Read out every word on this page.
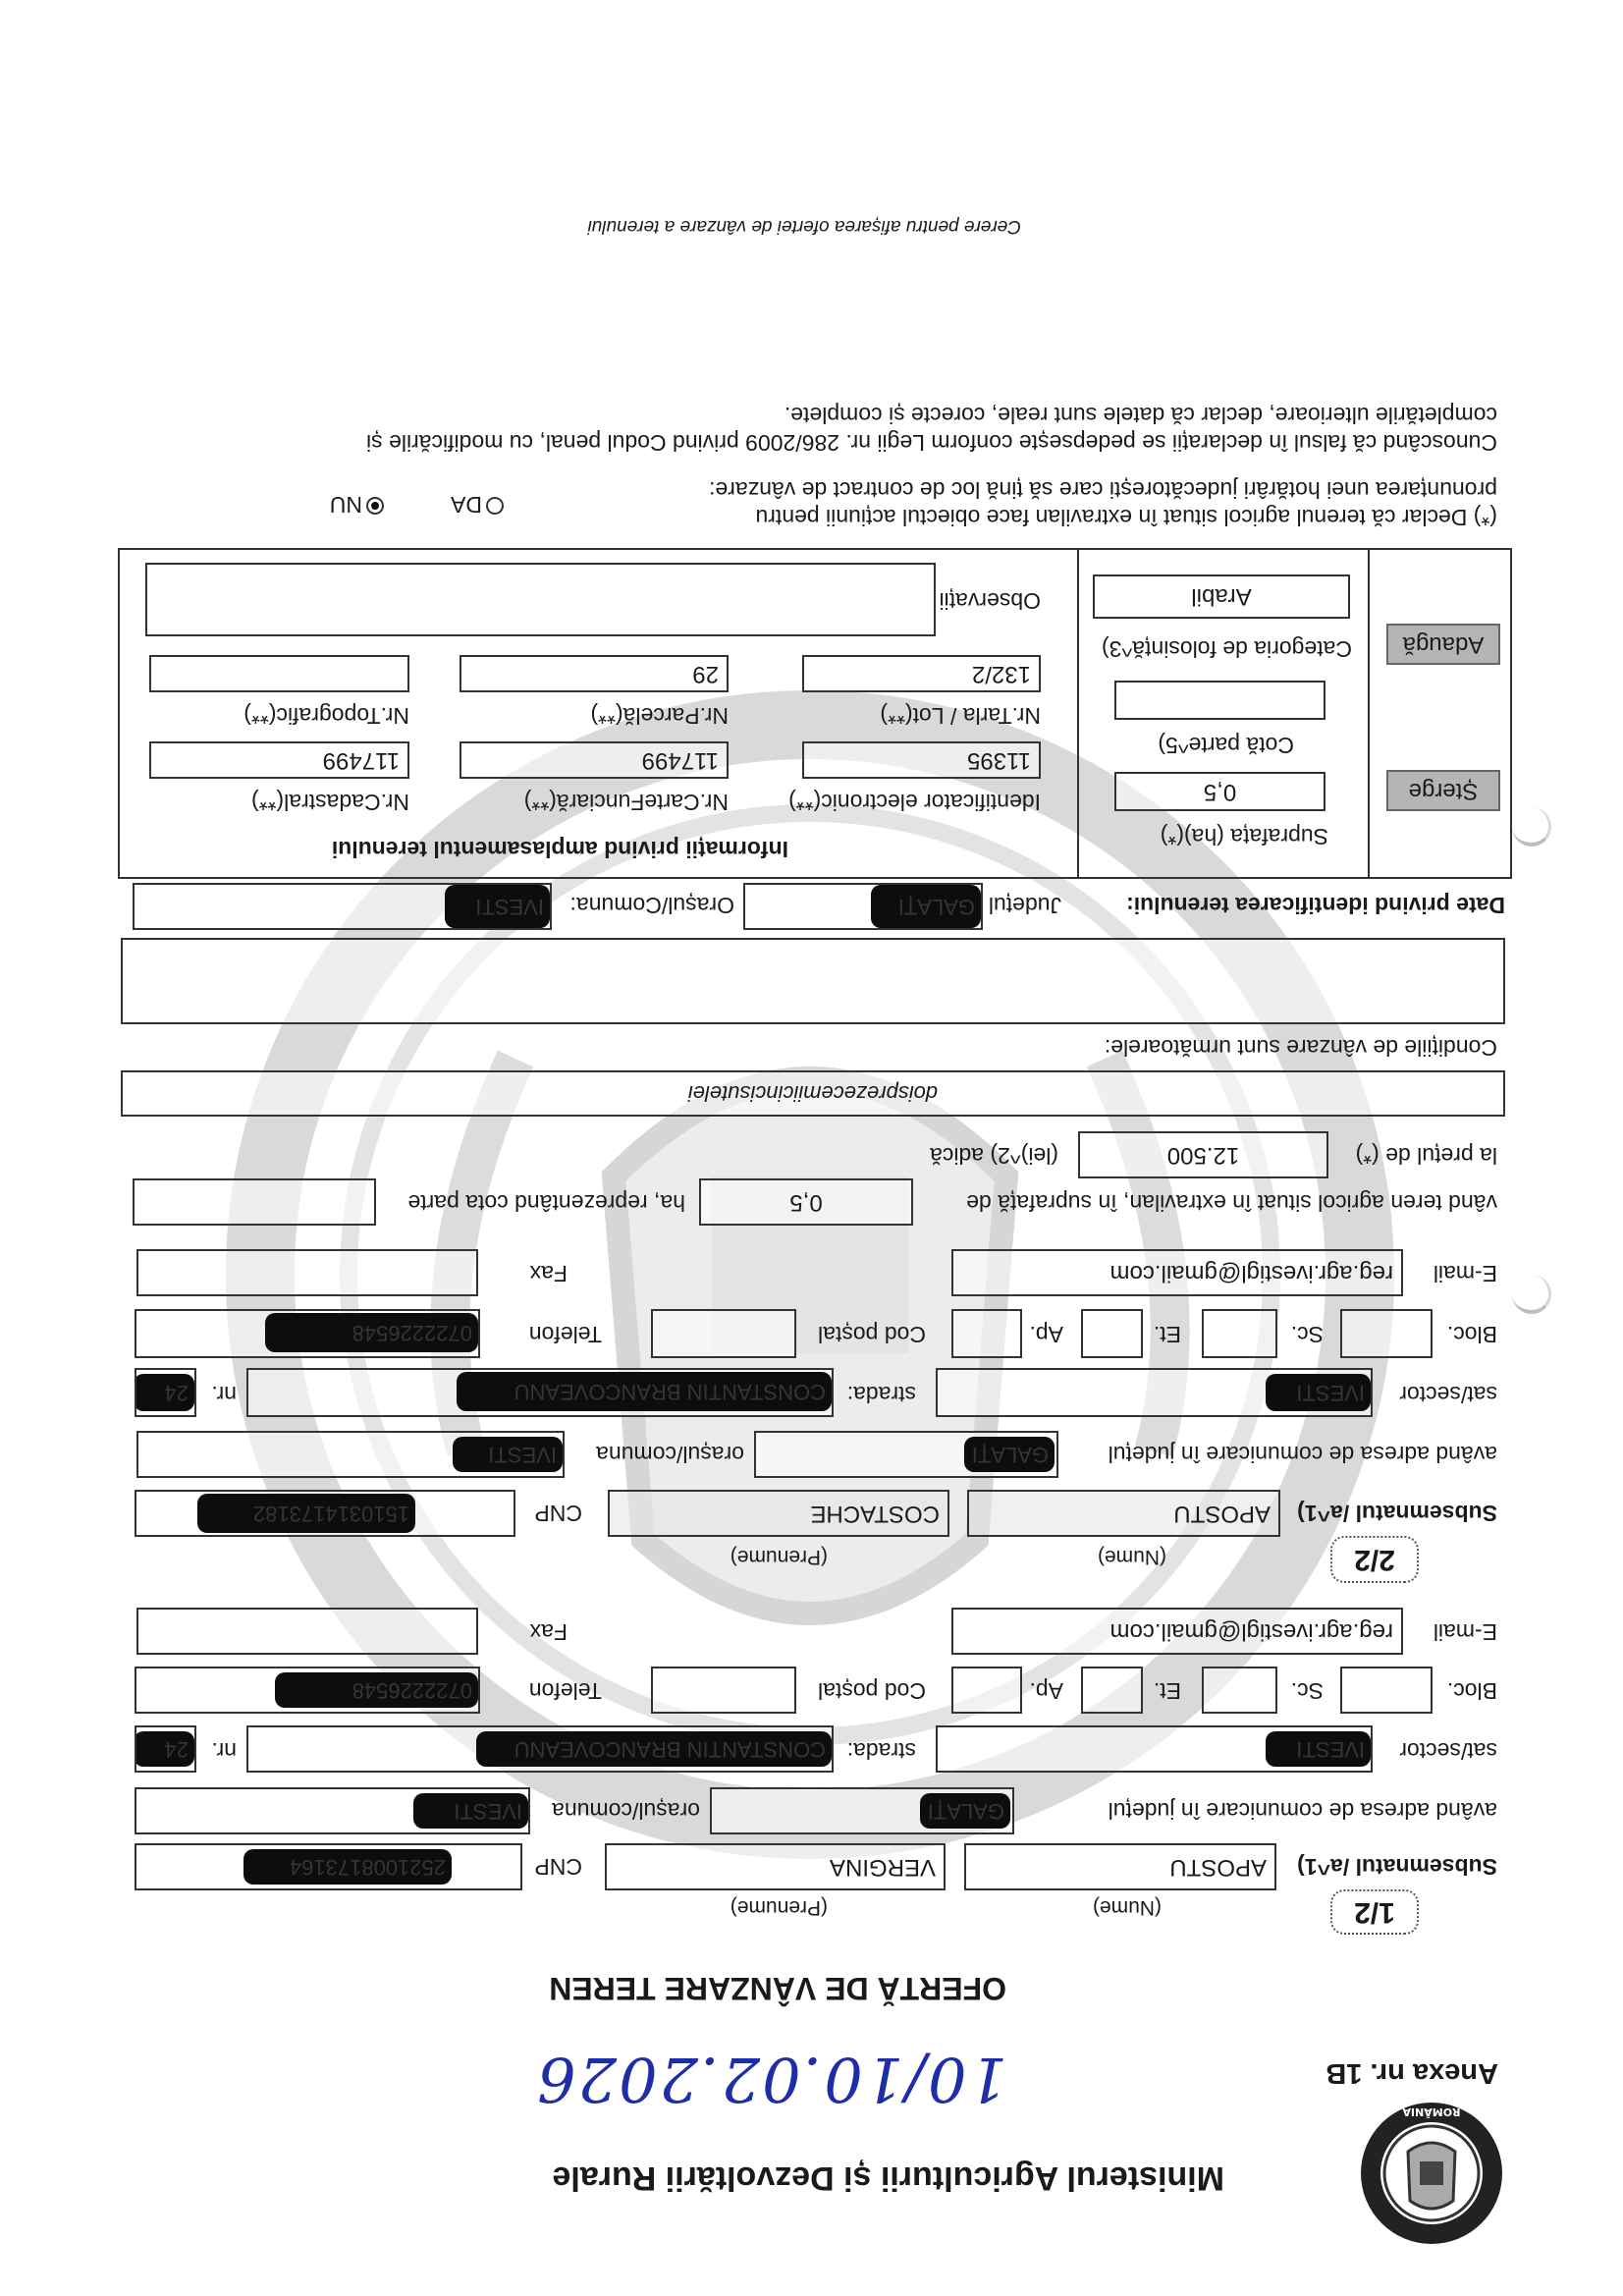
ROMÂNIA
Ministerul Agriculturii și Dezvoltării Rurale
Anexa nr. 1B
10/10.02.2026
OFERTĂ DE VÂNZARE TEREN
1/2
(Nume)
(Prenume)
Subsemnatul /a^1)
APOSTU
VERGINA
CNP
2521008173164
având adresa de comunicare în județul
GALAȚI
orașul/comuna
IVESTI
sat/sector
IVESTI
strada:
CONSTANTIN BRANCOVEANU
nr.
24
Bloc.
Sc.
Et.
Ap.
Cod poștal
Telefon
0722226548
E-mail
reg.agr.ivestigl@gmail.com
Fax
2/2
(Nume)
(Prenume)
Subsemnatul /a^1)
APOSTU
COSTACHE
CNP
1510314173182
având adresa de comunicare în județul
GALAȚI
orașul/comuna
IVESTI
sat/sector
IVESTI
strada:
CONSTANTIN BRANCOVEANU
nr.
24
Bloc.
Sc.
Et.
Ap.
Cod poștal
Telefon
0722226548
E-mail
reg.agr.ivestigl@gmail.com
Fax
vând teren agricol situat în extravilan, în suprafață de
0,5
ha, reprezentând cota parte
la prețul de (*)
12.500
(lei)^2) adică
doisprezecemiicincisutelei
Condițiile de vânzare sunt următoarele:
Date privind identificarea terenului:
Județul
GALAȚI
Orașul/Comuna:
IVESTI
Șterge
Adaugă
Suprafața (ha)(*)
0,5
Cotă parte^5)
Categoria de folosință^3)
Arabil
Informații privind amplasamentul terenului
Identificator electronic(**)
11395
Nr.CarteFunciară(**)
117499
Nr.Cadastral(**)
117499
Nr.Tarla / Lot(**)
132/2
Nr.Parcelă(**)
29
Nr.Topografic(**)
Observații
(*) Declar că terenul agricol situat în extravilan face obiectul acțiunii pentru
pronunțarea unei hotărâri judecătorești care să țină loc de contract de vânzare:
DA
NU
Cunoscând că falsul în declarații se pedepsește conform Legii nr. 286/2009 privind Codul penal, cu modificările și
completările ulterioare, declar că datele sunt reale, corecte și complete.
Cerere pentru afișarea ofertei de vânzare a terenului
